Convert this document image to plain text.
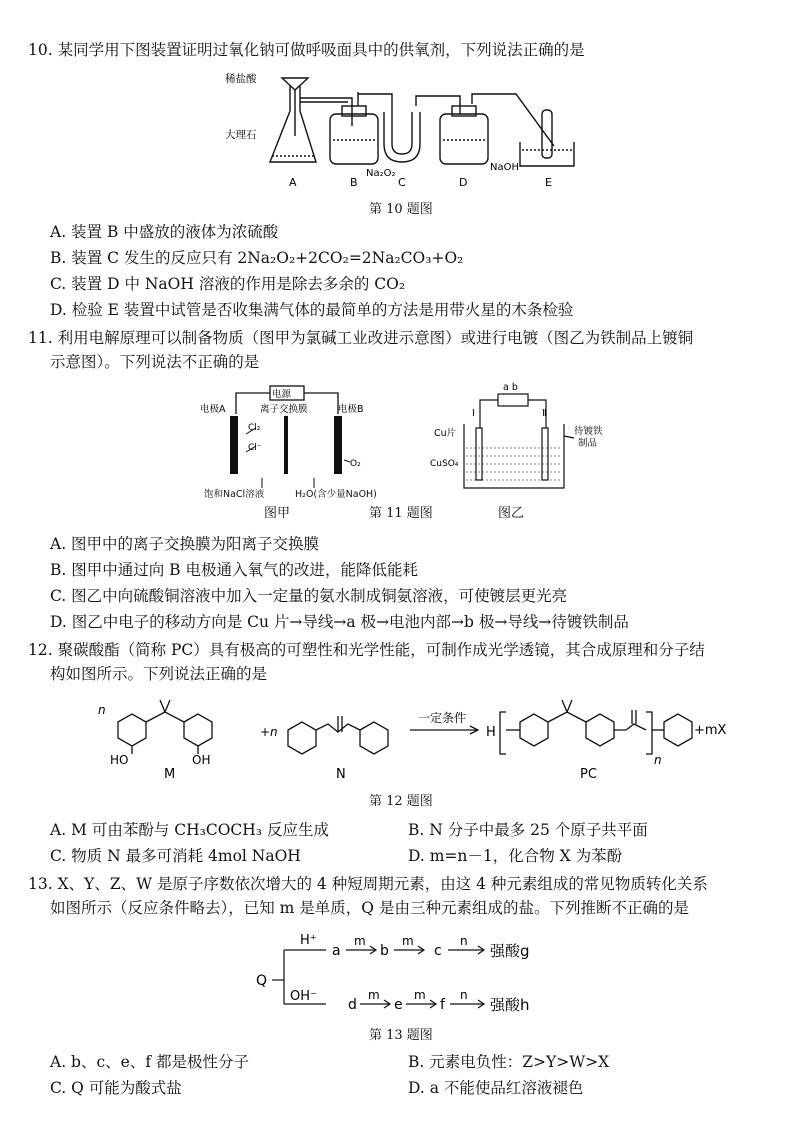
10. 某同学用下图装置证明过氧化钠可做呼吸面具中的供氧剂，下列说法正确的是
稀盐酸
大理石
Na₂O₂
NaOH
A	B	C	D	E
第 10 题图
A. 装置 B 中盛放的液体为浓硫酸
B. 装置 C 发生的反应只有 2Na₂O₂+2CO₂=2Na₂CO₃+O₂
C. 装置 D 中 NaOH 溶液的作用是除去多余的 CO₂
D. 检验 E 装置中试管是否收集满气体的最简单的方法是用带火星的木条检验
11. 利用电解原理可以制备物质（图甲为氯碱工业改进示意图）或进行电镀（图乙为铁制品上镀铜
示意图）。下列说法不正确的是
电源
电极A	离子交换膜	电极B
Cl₂
Cl⁻
O₂
饱和NaCl溶液	H₂O(含少量NaOH)
图甲	第 11 题图
a b
I	Ⅱ
Cu片
CuSO₄
待镀铁
制品
图乙
A. 图甲中的离子交换膜为阳离子交换膜
B. 图甲中通过向 B 电极通入氧气的改进，能降低能耗
C. 图乙中向硫酸铜溶液中加入一定量的氨水制成铜氨溶液，可使镀层更光亮
D. 图乙中电子的移动方向是 Cu 片→导线→a 极→电池内部→b 极→导线→待镀铁制品
12. 聚碳酸酯（简称 PC）具有极高的可塑性和光学性能，可制作成光学透镜，其合成原理和分子结
构如图所示。下列说法正确的是
n
HO	OH
+n
一定条件
H
n
+mX
M	N	PC
第 12 题图
A. M 可由苯酚与 CH₃COCH₃ 反应生成	B. N 分子中最多 25 个原子共平面
C. 物质 N 最多可消耗 4mol NaOH	D. m=n－1，化合物 X 为苯酚
13. X、Y、Z、W 是原子序数依次增大的 4 种短周期元素，由这 4 种元素组成的常见物质转化关系
如图所示（反应条件略去），已知 m 是单质，Q 是由三种元素组成的盐。下列推断不正确的是
Q
H⁺
a
m
b
m
c
n
强酸g
OH⁻
d
m
e
m
f
n
强酸h
第 13 题图
A. b、c、e、f 都是极性分子	B. 元素电负性：Z>Y>W>X
C. Q 可能为酸式盐	D. a 不能使品红溶液褪色
